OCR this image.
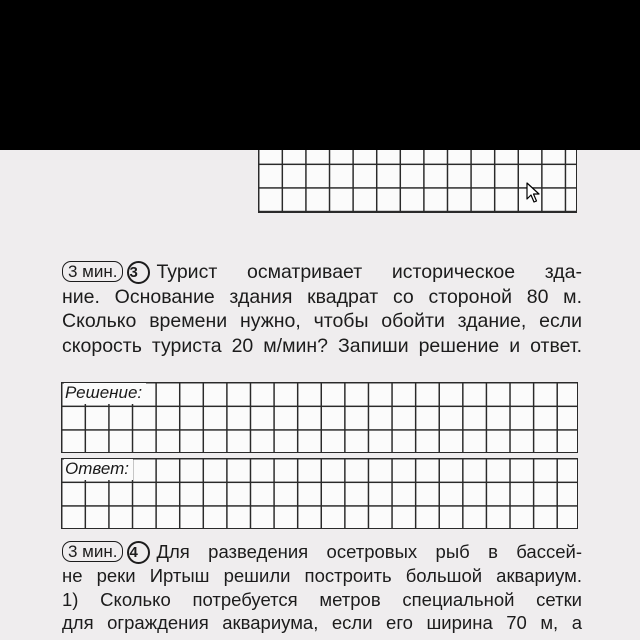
3 мин. 3 Турист осматривает историческое зда-
ние. Основание здания квадрат со стороной 80 м.
Сколько времени нужно, чтобы обойти здание, если
скорость туриста 20 м/мин? Запиши решение и ответ.
Решение:
Ответ:
3 мин. 4 Для разведения осетровых рыб в бассей-
не реки Иртыш решили построить большой аквариум.
1) Сколько потребуется метров специальной сетки
для ограждения аквариума, если его ширина 70 м, а
